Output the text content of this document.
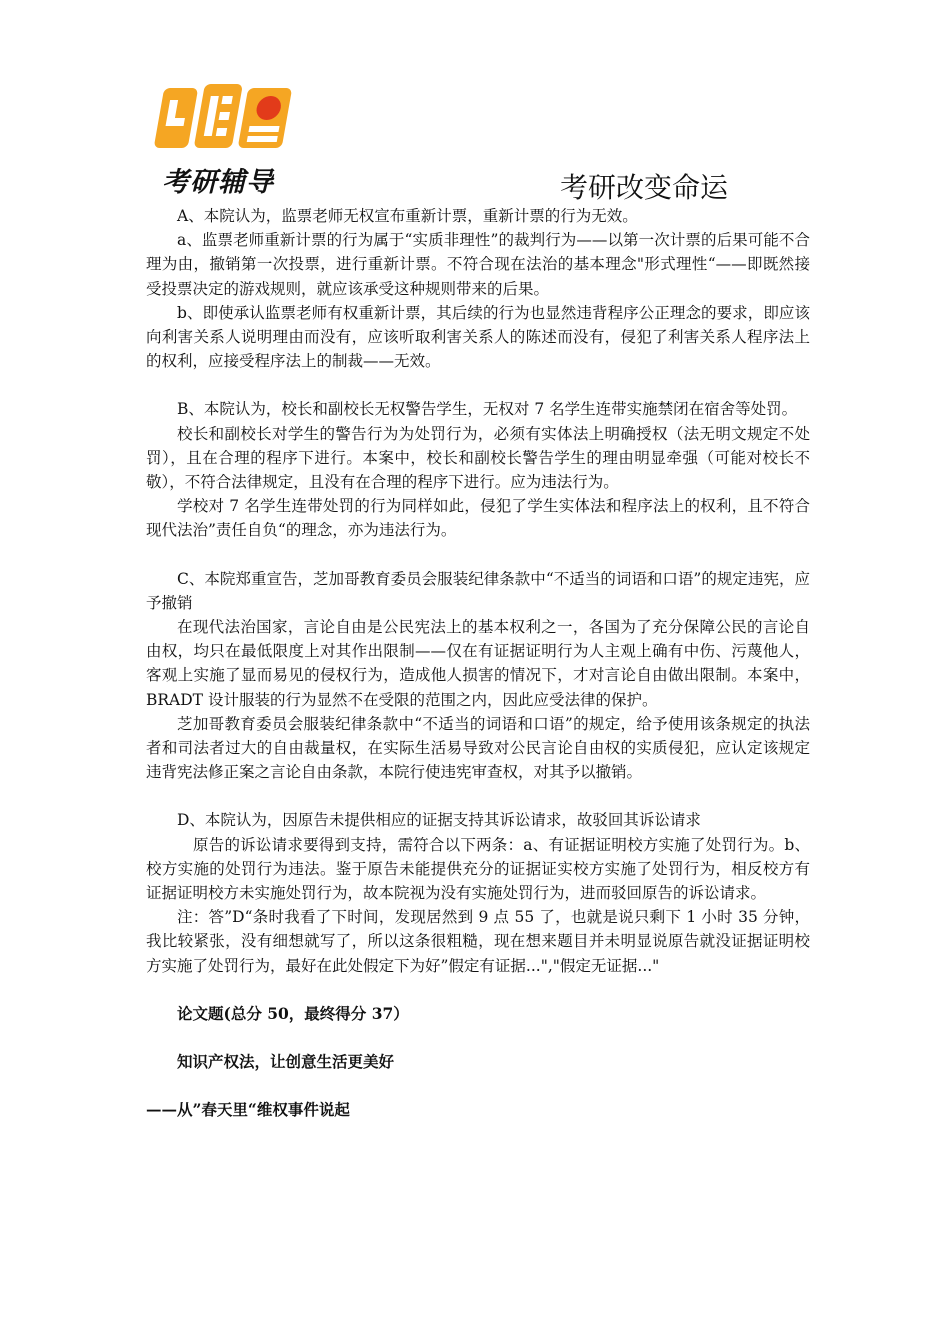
考研辅导	考研改变命运

A、本院认为，监票老师无权宣布重新计票，重新计票的行为无效。

a、监票老师重新计票的行为属于“实质非理性”的裁判行为——以第一次计票的后果可能不合理为由，撤销第一次投票，进行重新计票。不符合现在法治的基本理念"形式理性“——即既然接受投票决定的游戏规则，就应该承受这种规则带来的后果。

b、即使承认监票老师有权重新计票，其后续的行为也显然违背程序公正理念的要求，即应该向利害关系人说明理由而没有，应该听取利害关系人的陈述而没有，侵犯了利害关系人程序法上的权利，应接受程序法上的制裁——无效。

B、本院认为，校长和副校长无权警告学生，无权对 7 名学生连带实施禁闭在宿舍等处罚。

校长和副校长对学生的警告行为为处罚行为，必须有实体法上明确授权（法无明文规定不处罚），且在合理的程序下进行。本案中，校长和副校长警告学生的理由明显牵强（可能对校长不敬），不符合法律规定，且没有在合理的程序下进行。应为违法行为。

学校对 7 名学生连带处罚的行为同样如此，侵犯了学生实体法和程序法上的权利，且不符合现代法治”责任自负“的理念，亦为违法行为。

C、本院郑重宣告，芝加哥教育委员会服装纪律条款中“不适当的词语和口语”的规定违宪，应予撤销

在现代法治国家，言论自由是公民宪法上的基本权利之一，各国为了充分保障公民的言论自由权，均只在最低限度上对其作出限制——仅在有证据证明行为人主观上确有中伤、污蔑他人，客观上实施了显而易见的侵权行为，造成他人损害的情况下，才对言论自由做出限制。本案中，BRADT 设计服装的行为显然不在受限的范围之内，因此应受法律的保护。

芝加哥教育委员会服装纪律条款中“不适当的词语和口语”的规定，给予使用该条规定的执法者和司法者过大的自由裁量权，在实际生活易导致对公民言论自由权的实质侵犯，应认定该规定违背宪法修正案之言论自由条款，本院行使违宪审查权，对其予以撤销。

D、本院认为，因原告未提供相应的证据支持其诉讼请求，故驳回其诉讼请求

原告的诉讼请求要得到支持，需符合以下两条：a、有证据证明校方实施了处罚行为。b、校方实施的处罚行为违法。鉴于原告未能提供充分的证据证实校方实施了处罚行为，相反校方有证据证明校方未实施处罚行为，故本院视为没有实施处罚行为，进而驳回原告的诉讼请求。

注：答”D“条时我看了下时间，发现居然到 9 点 55 了，也就是说只剩下 1 小时 35 分钟，我比较紧张，没有细想就写了，所以这条很粗糙，现在想来题目并未明显说原告就没证据证明校方实施了处罚行为，最好在此处假定下为好”假定有证据...","假定无证据..."

论文题(总分 50，最终得分 37）

知识产权法，让创意生活更美好

——从”春天里“维权事件说起
